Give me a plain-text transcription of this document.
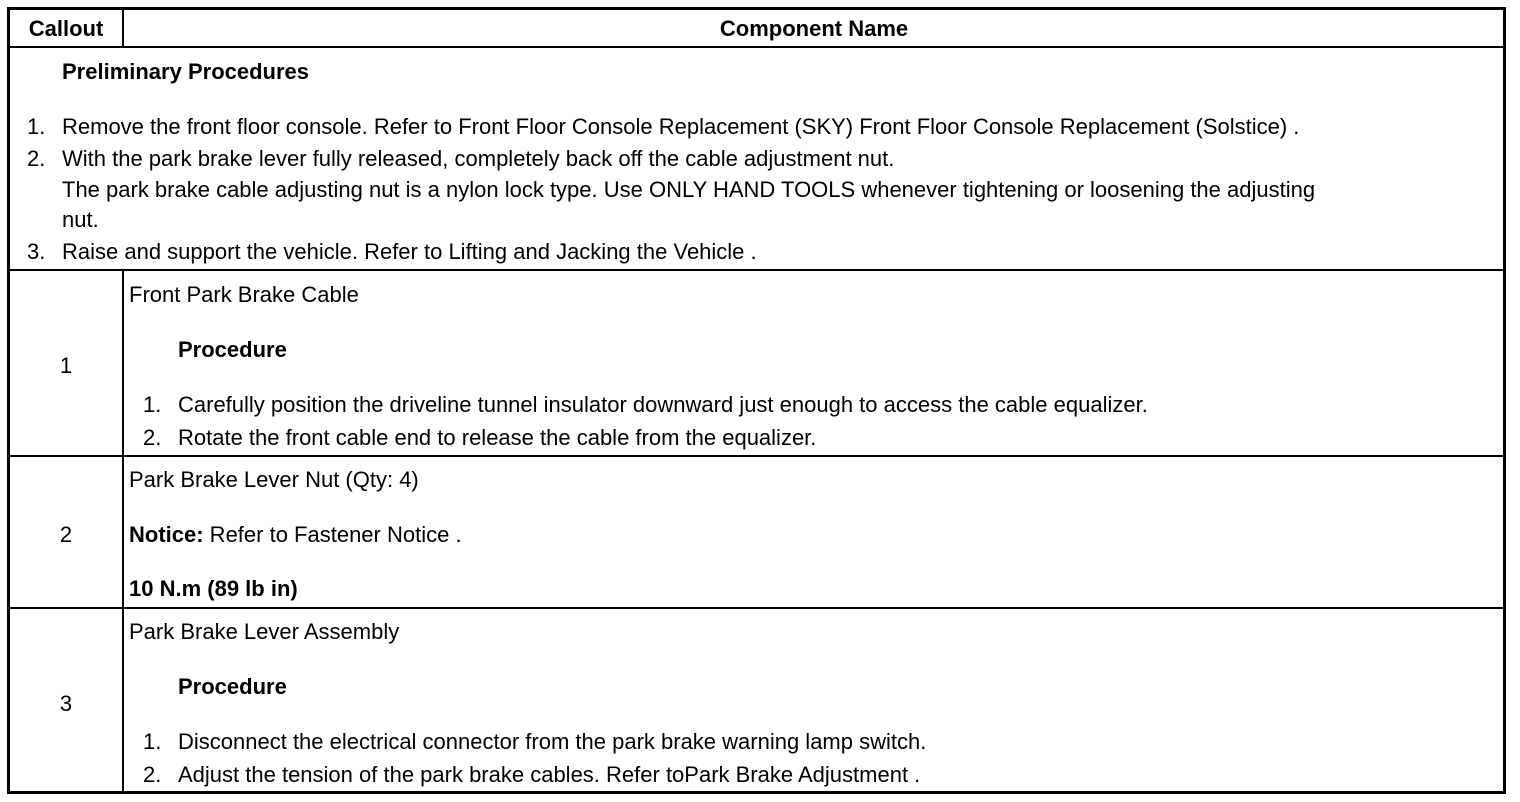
Callout	Component Name
Preliminary Procedures
1. Remove the front floor console. Refer to Front Floor Console Replacement (SKY) Front Floor Console Replacement (Solstice) .
2. With the park brake lever fully released, completely back off the cable adjustment nut.
The park brake cable adjusting nut is a nylon lock type. Use ONLY HAND TOOLS whenever tightening or loosening the adjusting
nut.
3. Raise and support the vehicle. Refer to Lifting and Jacking the Vehicle .
1
Front Park Brake Cable
Procedure
1. Carefully position the driveline tunnel insulator downward just enough to access the cable equalizer.
2. Rotate the front cable end to release the cable from the equalizer.
2
Park Brake Lever Nut (Qty: 4)
Notice: Refer to Fastener Notice .
10 N.m (89 lb in)
3
Park Brake Lever Assembly
Procedure
1. Disconnect the electrical connector from the park brake warning lamp switch.
2. Adjust the tension of the park brake cables. Refer toPark Brake Adjustment .
